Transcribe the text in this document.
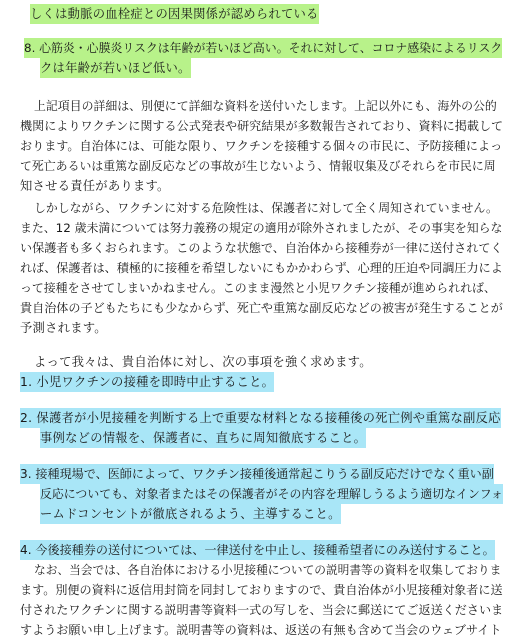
しくは動脈の血栓症との因果関係が認められている
8. 心筋炎・心膜炎リスクは年齢が若いほど高い。それに対して、コロナ感染によるリスク
クは年齢が若いほど低い。
上記項目の詳細は、別便にて詳細な資料を送付いたします。上記以外にも、海外の公的
機関によりワクチンに関する公式発表や研究結果が多数報告されており、資料に掲載して
おります。自治体には、可能な限り、ワクチンを接種する個々の市民に、予防接種によっ
て死亡あるいは重篤な副反応などの事故が生じないよう、情報収集及びそれらを市民に周
知させる責任があります。
しかしながら、ワクチンに対する危険性は、保護者に対して全く周知されていません。
また、12 歳未満については努力義務の規定の適用が除外されましたが、その事実を知らな
い保護者も多くおられます。このような状態で、自治体から接種券が一律に送付されてく
れば、保護者は、積極的に接種を希望しないにもかかわらず、心理的圧迫や同調圧力によ
って接種をさせてしまいかねません。このまま漫然と小児ワクチン接種が進められれば、
貴自治体の子どもたちにも少なからず、死亡や重篤な副反応などの被害が発生することが
予測されます。
よって我々は、貴自治体に対し、次の事項を強く求めます。
1. 小児ワクチンの接種を即時中止すること。
2. 保護者が小児接種を判断する上で重要な材料となる接種後の死亡例や重篤な副反応
事例などの情報を、保護者に、直ちに周知徹底すること。
3. 接種現場で、医師によって、ワクチン接種後通常起こりうる副反応だけでなく重い副
反応についても、対象者またはその保護者がその内容を理解しうるよう適切なインフォ
ームドコンセントが徹底されるよう、主導すること。
4. 今後接種券の送付については、一律送付を中止し、接種希望者にのみ送付すること。
なお、当会では、各自治体における小児接種についての説明書等の資料を収集しておりま
ます。別便の資料に返信用封筒を同封しておりますので、貴自治体が小児接種対象者に送
付されたワクチンに関する説明書等資料一式の写しを、当会に郵送にてご返送くださいま
すようお願い申し上げます。説明書等の資料は、返送の有無も含めて当会のウェブサイト
